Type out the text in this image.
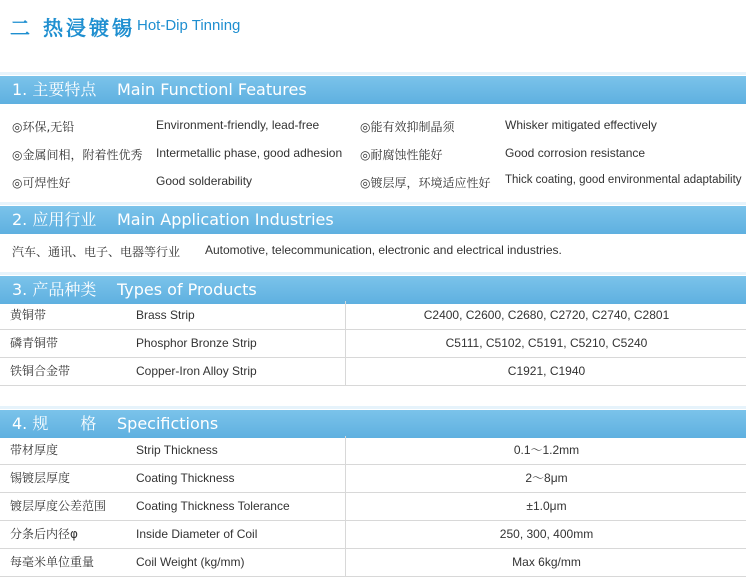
二 热浸镀锡 Hot-Dip Tinning
1. 主要特点 Main Functionl Features
◎环保,无铅	Environment-friendly, lead-free	◎能有效抑制晶须	Whisker mitigated effectively
◎金属间相，附着性优秀 Intermetallic phase, good adhesion ◎耐腐蚀性能好	Good corrosion resistance
◎可焊性好	Good solderability	◎镀层厚，环境适应性好 Thick coating, good environmental adaptability
2. 应用行业 Main Application Industries
汽车、通讯、电子、电器等行业 Automotive, telecommunication, electronic and electrical industries.
3. 产品种类 Types of Products
黄铜带	Brass Strip	C2400, C2600, C2680, C2720, C2740, C2801
磷青铜带	Phosphor Bronze Strip	C5111, C5102, C5191, C5210, C5240
铁铜合金带	Copper-Iron Alloy Strip	C1921, C1940
4. 规　　格 Specifictions
带材厚度	Strip Thickness	0.1～1.2mm
锡镀层厚度	Coating Thickness	2～8μm
镀层厚度公差范围 Coating Thickness Tolerance	±1.0μm
分条后内径φ	Inside Diameter of Coil	250, 300, 400mm
每毫米单位重量	Coil Weight (kg/mm)	Max 6kg/mm
